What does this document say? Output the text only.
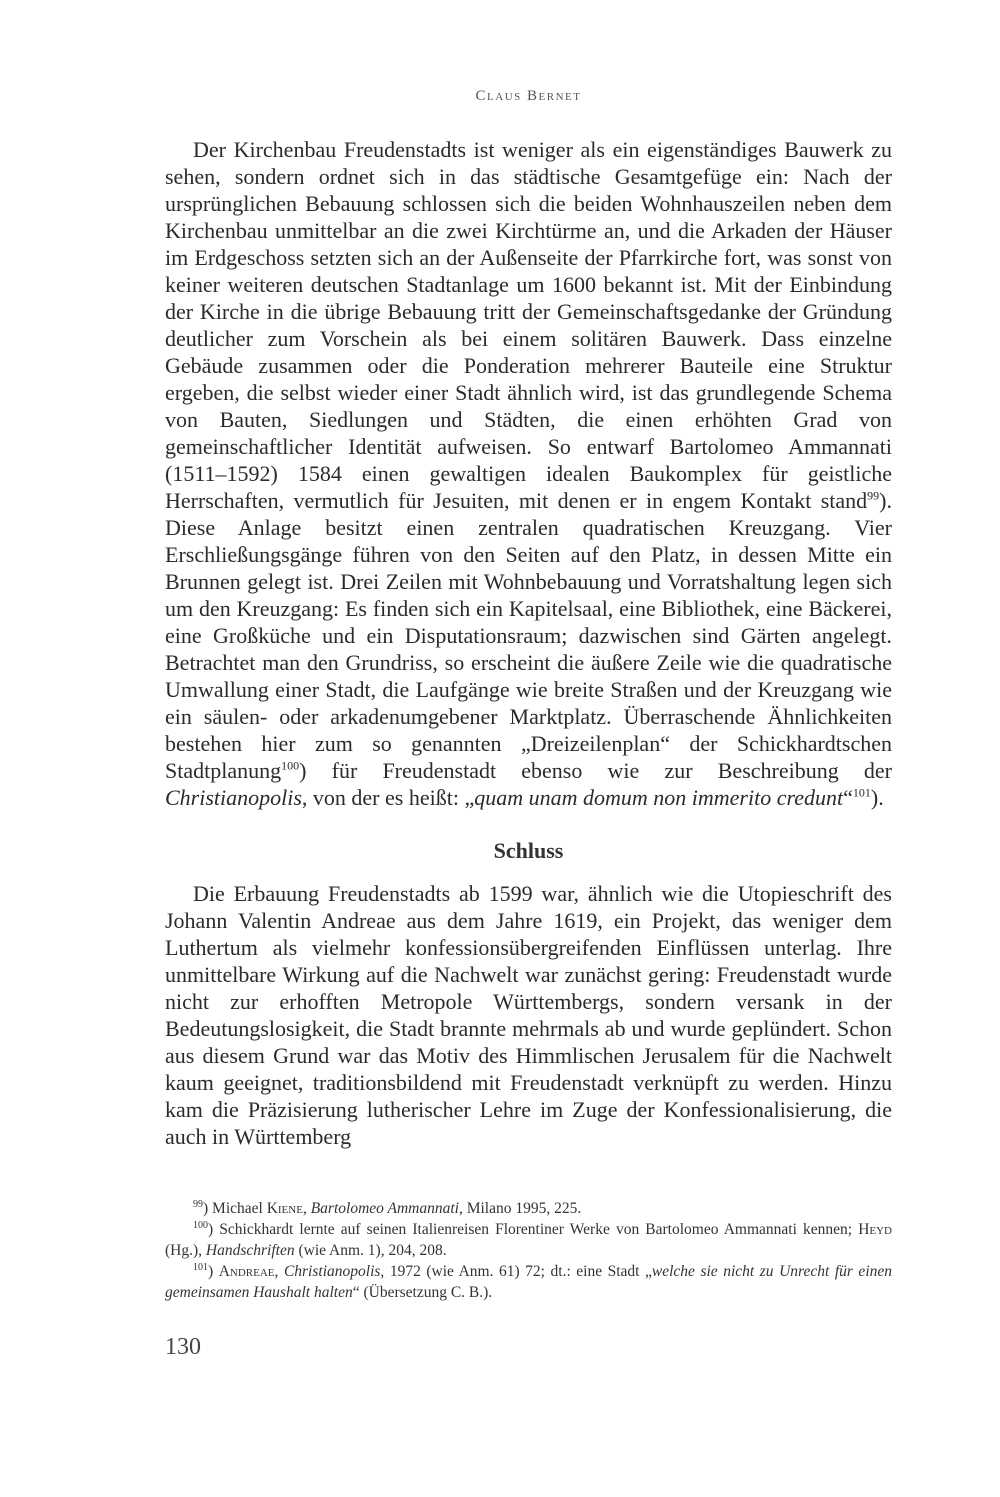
Claus Bernet

Der Kirchenbau Freudenstadts ist weniger als ein eigenständiges Bauwerk zu sehen, sondern ordnet sich in das städtische Gesamtgefüge ein: Nach der ursprünglichen Bebauung schlossen sich die beiden Wohnhauszeilen neben dem Kirchenbau unmittelbar an die zwei Kirchtürme an, und die Arkaden der Häuser im Erdgeschoss setzten sich an der Außenseite der Pfarrkirche fort, was sonst von keiner weiteren deutschen Stadtanlage um 1600 bekannt ist. Mit der Einbindung der Kirche in die übrige Bebauung tritt der Gemeinschaftsgedanke der Gründung deutlicher zum Vorschein als bei einem solitären Bauwerk. Dass einzelne Gebäude zusammen oder die Ponderation mehrerer Bauteile eine Struktur ergeben, die selbst wieder einer Stadt ähnlich wird, ist das grundlegende Schema von Bauten, Siedlungen und Städten, die einen erhöhten Grad von gemeinschaftlicher Identität aufweisen. So entwarf Bartolomeo Ammannati (1511–1592) 1584 einen gewaltigen idealen Baukomplex für geistliche Herrschaften, vermutlich für Jesuiten, mit denen er in engem Kontakt stand$^{99}$). Diese Anlage besitzt einen zentralen quadratischen Kreuzgang. Vier Erschließungsgänge führen von den Seiten auf den Platz, in dessen Mitte ein Brunnen gelegt ist. Drei Zeilen mit Wohnbebauung und Vorratshaltung legen sich um den Kreuzgang: Es finden sich ein Kapitelsaal, eine Bibliothek, eine Bäckerei, eine Großküche und ein Disputationsraum; dazwischen sind Gärten angelegt. Betrachtet man den Grundriss, so erscheint die äußere Zeile wie die quadratische Umwallung einer Stadt, die Laufgänge wie breite Straßen und der Kreuzgang wie ein säulen- oder arkadenumgebener Marktplatz. Überraschende Ähnlichkeiten bestehen hier zum so genannten „Dreizeilenplan“ der Schickhardtschen Stadtplanung$^{100}$) für Freudenstadt ebenso wie zur Beschreibung der Christianopolis, von der es heißt: „quam unam domum non immerito credunt“$^{101}$).

Schluss

Die Erbauung Freudenstadts ab 1599 war, ähnlich wie die Utopieschrift des Johann Valentin Andreae aus dem Jahre 1619, ein Projekt, das weniger dem Luthertum als vielmehr konfessionsübergreifenden Einflüssen unterlag. Ihre unmittelbare Wirkung auf die Nachwelt war zunächst gering: Freudenstadt wurde nicht zur erhofften Metropole Württembergs, sondern versank in der Bedeutungslosigkeit, die Stadt brannte mehrmals ab und wurde geplündert. Schon aus diesem Grund war das Motiv des Himmlischen Jerusalem für die Nachwelt kaum geeignet, traditionsbildend mit Freudenstadt verknüpft zu werden. Hinzu kam die Präzisierung lutherischer Lehre im Zuge der Konfessionalisierung, die auch in Württemberg

$^{99}$) Michael Kiene, Bartolomeo Ammannati, Milano 1995, 225.

$^{100}$) Schickhardt lernte auf seinen Italienreisen Florentiner Werke von Bartolomeo Ammannati kennen; Heyd (Hg.), Handschriften (wie Anm. 1), 204, 208.

$^{101}$) Andreae, Christianopolis, 1972 (wie Anm. 61) 72; dt.: eine Stadt „welche sie nicht zu Unrecht für einen gemeinsamen Haushalt halten“ (Übersetzung C. B.).

130
